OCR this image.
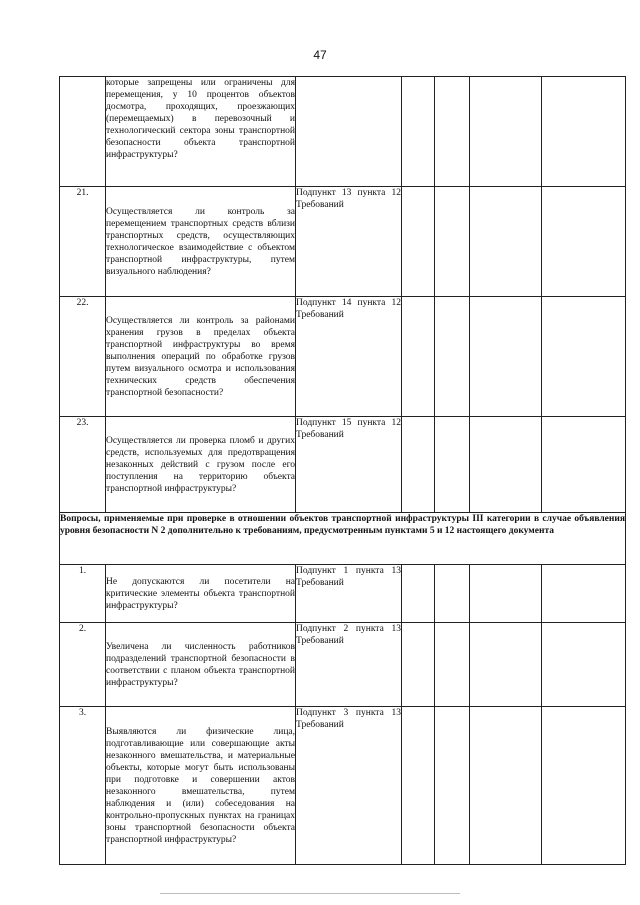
47
	которые запрещены или ограничены для перемещения, у 10 процентов объектов досмотра, проходящих, проезжающих (перемещаемых) в перевозочный и технологический сектора зоны транспортной безопасности объекта транспортной инфраструктуры?					
21.	Осуществляется ли контроль за перемещением транспортных средств вблизи транспортных средств, осуществляющих технологическое взаимодействие с объектом транспортной инфраструктуры, путем визуального наблюдения?	Подпункт 13 пункта 12 Требований				
22.	Осуществляется ли контроль за районами хранения грузов в пределах объекта транспортной инфраструктуры во время выполнения операций по обработке грузов путем визуального осмотра и использования технических средств обеспечения транспортной безопасности?	Подпункт 14 пункта 12 Требований				
23.	Осуществляется ли проверка пломб и других средств, используемых для предотвращения незаконных действий с грузом после его поступления на территорию объекта транспортной инфраструктуры?	Подпункт 15 пункта 12 Требований				
Вопросы, применяемые при проверке в отношении объектов транспортной инфраструктуры III категории в случае объявления уровня безопасности N 2 дополнительно к требованиям, предусмотренным пунктами 5 и 12 настоящего документа						
1.	Не допускаются ли посетители на критические элементы объекта транспортной инфраструктуры?	Подпункт 1 пункта 13 Требований				
2.	Увеличена ли численность работников подразделений транспортной безопасности в соответствии с планом объекта транспортной инфраструктуры?	Подпункт 2 пункта 13 Требований				
3.	Выявляются ли физические лица, подготавливающие или совершающие акты незаконного вмешательства, и материальные объекты, которые могут быть использованы при подготовке и совершении актов незаконного вмешательства, путем наблюдения и (или) собеседования на контрольно-пропускных пунктах на границах зоны транспортной безопасности объекта транспортной инфраструктуры?	Подпункт 3 пункта 13 Требований				
